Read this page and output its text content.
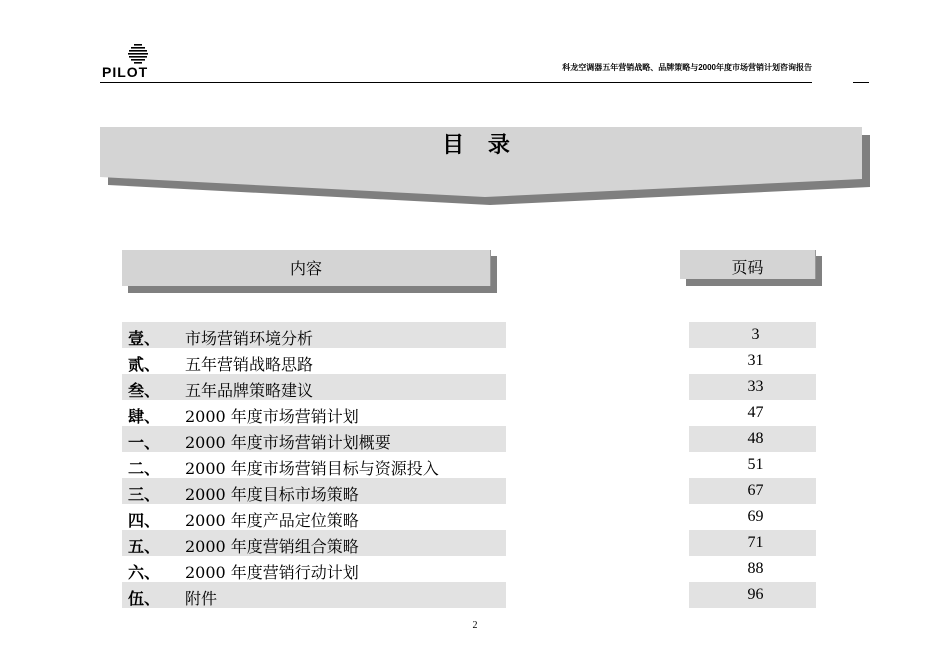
PILOT	科龙空调器五年营销战略、品牌策略与2000年度市场营销计划咨询报告
目 录
内容	页码
壹、 市场营销环境分析
贰、 五年营销战略思路
叁、 五年品牌策略建议
肆、 2000 年度市场营销计划
一、 2000 年度市场营销计划概要
二、 2000 年度市场营销目标与资源投入
三、 2000 年度目标市场策略
四、 2000 年度产品定位策略
五、 2000 年度营销组合策略
六、 2000 年度营销行动计划
伍、 附件
3
31
33
47
48
51
67
69
71
88
96
2
